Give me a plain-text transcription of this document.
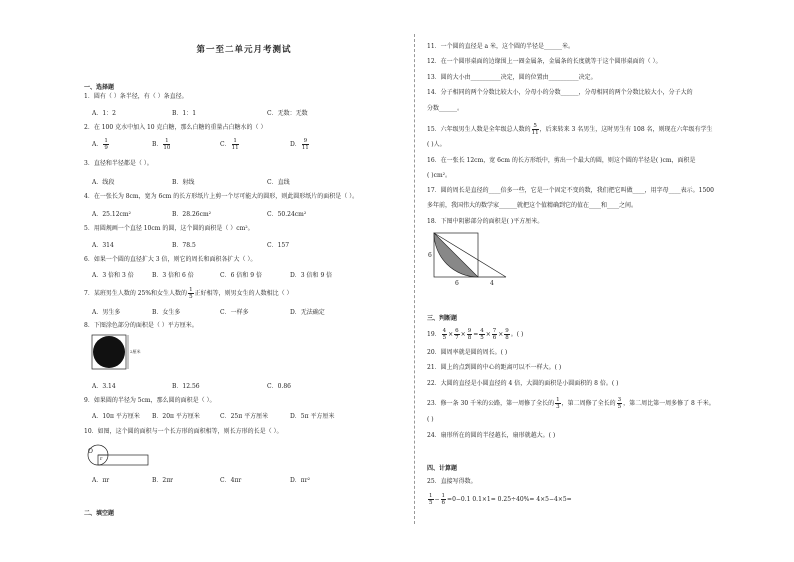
第一至二单元月考测试
一、选择题
1．圆有（ ）条半径，有（ ）条直径。
A．1：2	B．1：1	C．无数：无数
2．在 100 克水中加入 10 克白糖，那么白糖的重量占白糖水的（ ）
A． $\frac{1}{9}$	B． $\frac{1}{10}$	C． $\frac{1}{11}$	D． $\frac{9}{11}$
3．直径和半径都是（ ）。
A．线段	B．射线	C．直线
4．在一张长为 8cm，宽为 6cm 的长方形纸片上剪一个尽可能大的圆形，则此圆形纸片的面积是（ ）。
A．25.12cm²	B．28.26cm²	C．50.24cm²
5．用圆规画一个直径 10cm 的圆，这个圆的面积是（ ）cm²。
A．314	B．78.5	C．157
6．如果一个圆的直径扩大 3 倍，则它的周长和面积各扩大（ ）。
A．3 倍和 3 倍	B．3 倍和 6 倍	C．6 倍和 9 倍	D．3 倍和 9 倍
7．某班男生人数的 25%和女生人数的 $\frac{1}{5}$ 正好相等，则男女生的人数相比（ ）
A．男生多	B．女生多	C．一样多	D．无法确定
8．下图涂色部分的面积是（ ）平方厘米。
2厘米
A．3.14	B．12.56	C．0.86
9．如果圆的半径为 5cm，那么圆的面积是（ ）。
A．10π 平方厘米 B．20π 平方厘米	C．25π 平方厘米	D．5π 平方厘米
10．如图，这个圆的面积与一个长方形的面积相等，则长方形的长是（ ）。
O
r
A．πr	B．2πr	C．4πr	D．πr²
二、填空题
11．一个圆的直径是 a 米，这个圆的半径是______米。
12．在一个圆形桌面的边缘围上一圈金属条，金属条的长度就等于这个圆形桌面的（ ）。
13．圆的大小由__________决定，圆的位置由__________决定。
14．分子相同的两个分数比较大小，分母小的分数______，分母相同的两个分数比较大小，分子大的
分数______。
15．六年级男生人数是全年级总人数的 $\frac{5}{11}$ ，后来转来 3 名男生，这时男生有 108 名，则现在六年级有学生
( )人。
16．在一张长 12cm，宽 6cm 的长方形纸中，剪出一个最大的圆，则这个圆的半径是( )cm，面积是
( )cm²。
17．圆的周长是直径的____倍多一些，它是一个固定不变的数，我们把它叫做____，用字母____表示。1500
多年前，我国伟大的数学家______就把这个值精确到它的值在____和____之间。
18．下图中阴影部分的面积是( )平方厘米。
6
6	4
三、判断题
19． $\frac{4}{5} \times \frac{6}{7} \times \frac{9}{8} = \frac{4}{5} \times \frac{7}{6} \times \frac{9}{8}$ 。( )
20．圆周率就是圆的周长。( )
21．圆上的点到圆的中心的距离可以不一样大。( )
22．大圆的直径是小圆直径的 4 倍，大圆的面积是小圆面积的 8 倍。( )
23．修一条 30 千米的公路，第一周修了全长的 $\frac{1}{3}$ ，第二周修了全长的 $\frac{3}{5}$ ，第二周比第一周多修了 8 千米。
( )
24．扇形所在的圆的半径越长，扇形就越大。( )
四、计算题
25．直接写得数。
$\frac{1}{5} - \frac{1}{6} =0-0.1$ 0.1×1= 0.25÷40%= 4×5−4×5=
